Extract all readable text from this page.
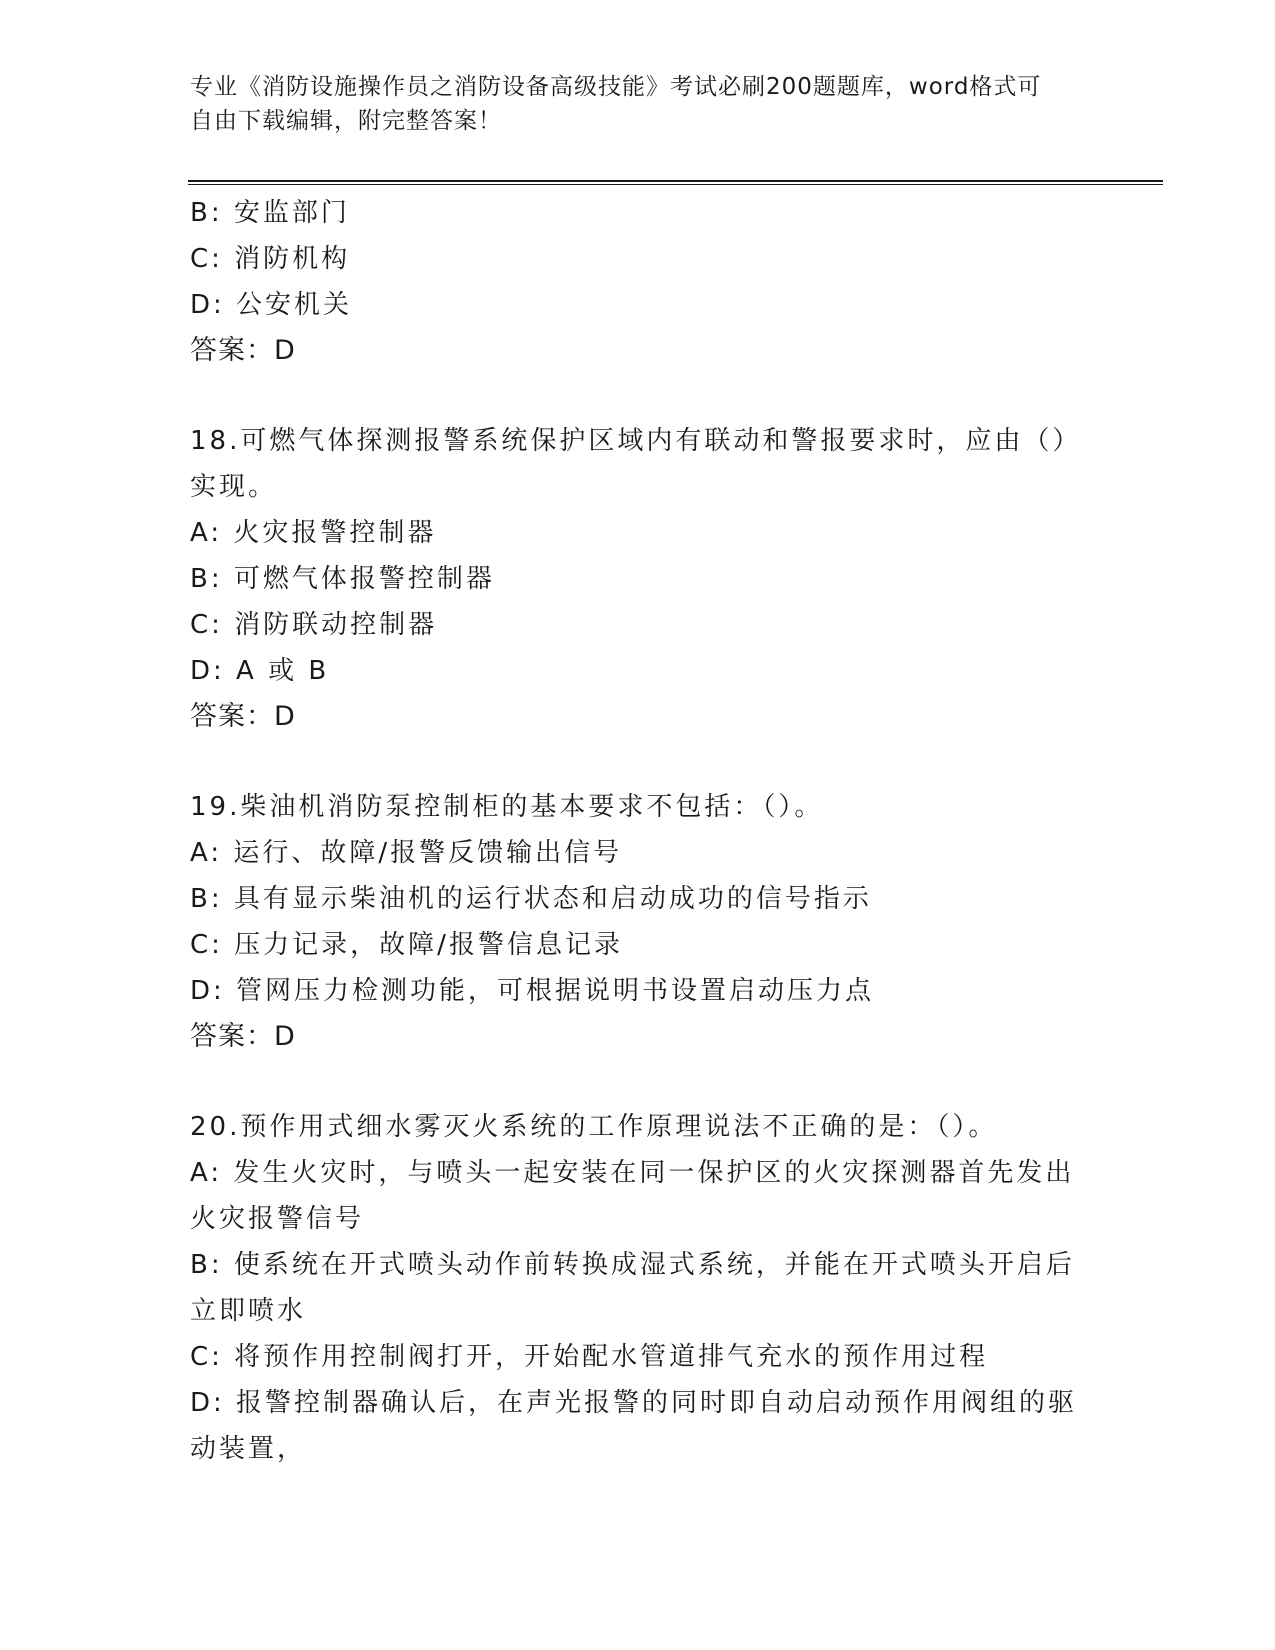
专业《消防设施操作员之消防设备高级技能》考试必刷200题题库，word格式可
自由下载编辑，附完整答案！
B: 安监部门
C: 消防机构
D: 公安机关
答案：D
18.可燃气体探测报警系统保护区域内有联动和警报要求时，应由（）
实现。
A: 火灾报警控制器
B: 可燃气体报警控制器
C: 消防联动控制器
D: A 或 B
答案：D
19.柴油机消防泵控制柜的基本要求不包括：（）。
A: 运行、故障/报警反馈输出信号
B: 具有显示柴油机的运行状态和启动成功的信号指示
C: 压力记录，故障/报警信息记录
D: 管网压力检测功能，可根据说明书设置启动压力点
答案：D
20.预作用式细水雾灭火系统的工作原理说法不正确的是：（）。
A: 发生火灾时，与喷头一起安装在同一保护区的火灾探测器首先发出
火灾报警信号
B: 使系统在开式喷头动作前转换成湿式系统，并能在开式喷头开启后
立即喷水
C: 将预作用控制阀打开，开始配水管道排气充水的预作用过程
D: 报警控制器确认后，在声光报警的同时即自动启动预作用阀组的驱
动装置，
